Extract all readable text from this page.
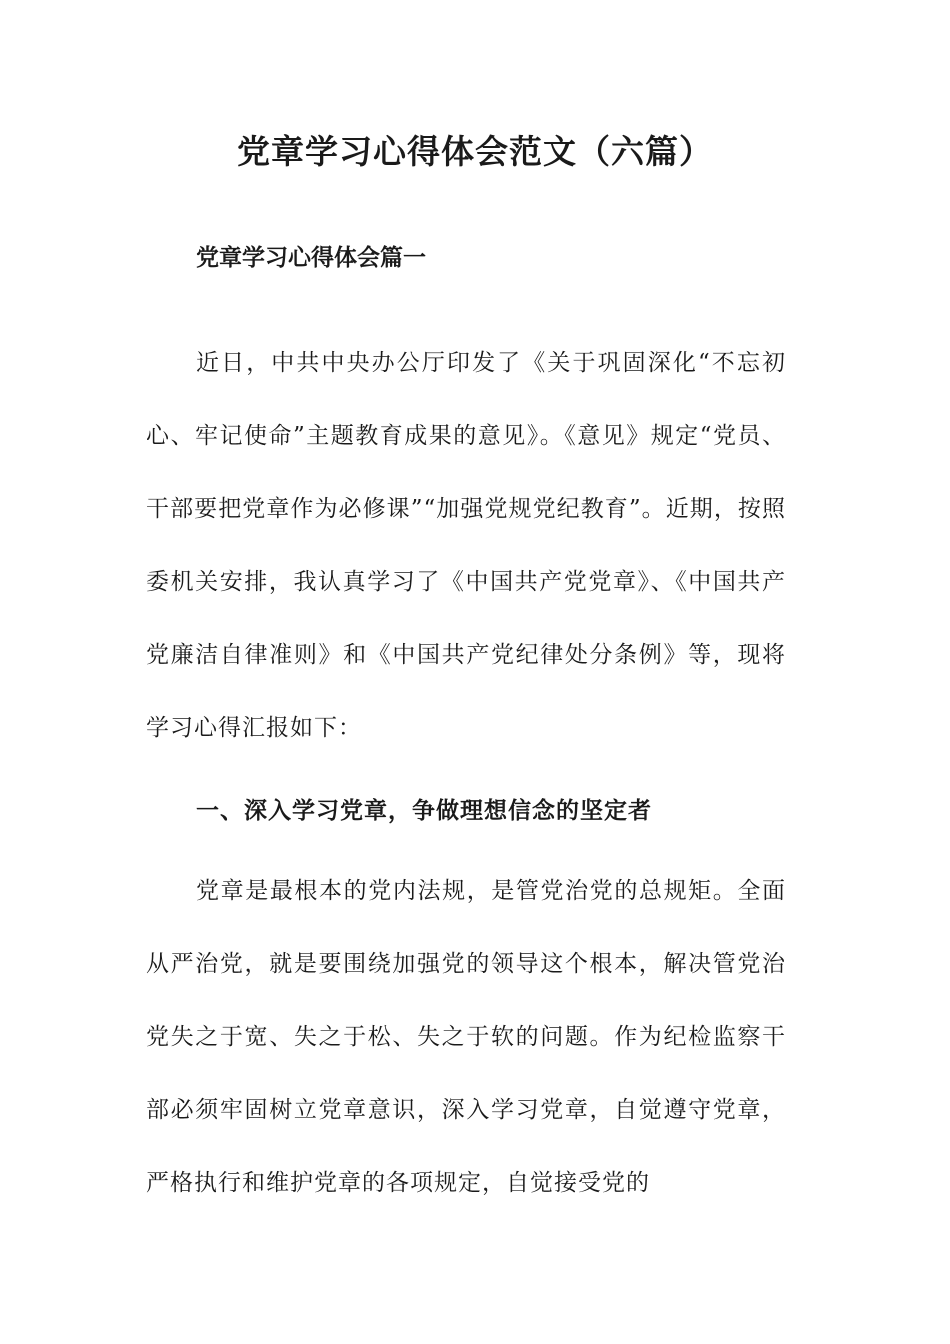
党章学习心得体会范文（六篇）
党章学习心得体会篇一

近日，中共中央办公厅印发了《关于巩固深化“不忘初心、牢记使命”主题教育成果的意见》。《意见》规定“党员、干部要把党章作为必修课”“加强党规党纪教育”。近期，按照委机关安排，我认真学习了《中国共产党党章》、《中国共产党廉洁自律准则》和《中国共产党纪律处分条例》等，现将学习心得汇报如下：

一、深入学习党章，争做理想信念的坚定者

党章是最根本的党内法规，是管党治党的总规矩。全面从严治党，就是要围绕加强党的领导这个根本，解决管党治党失之于宽、失之于松、失之于软的问题。作为纪检监察干部必须牢固树立党章意识，深入学习党章，自觉遵守党章，严格执行和维护党章的各项规定，自觉接受党的
